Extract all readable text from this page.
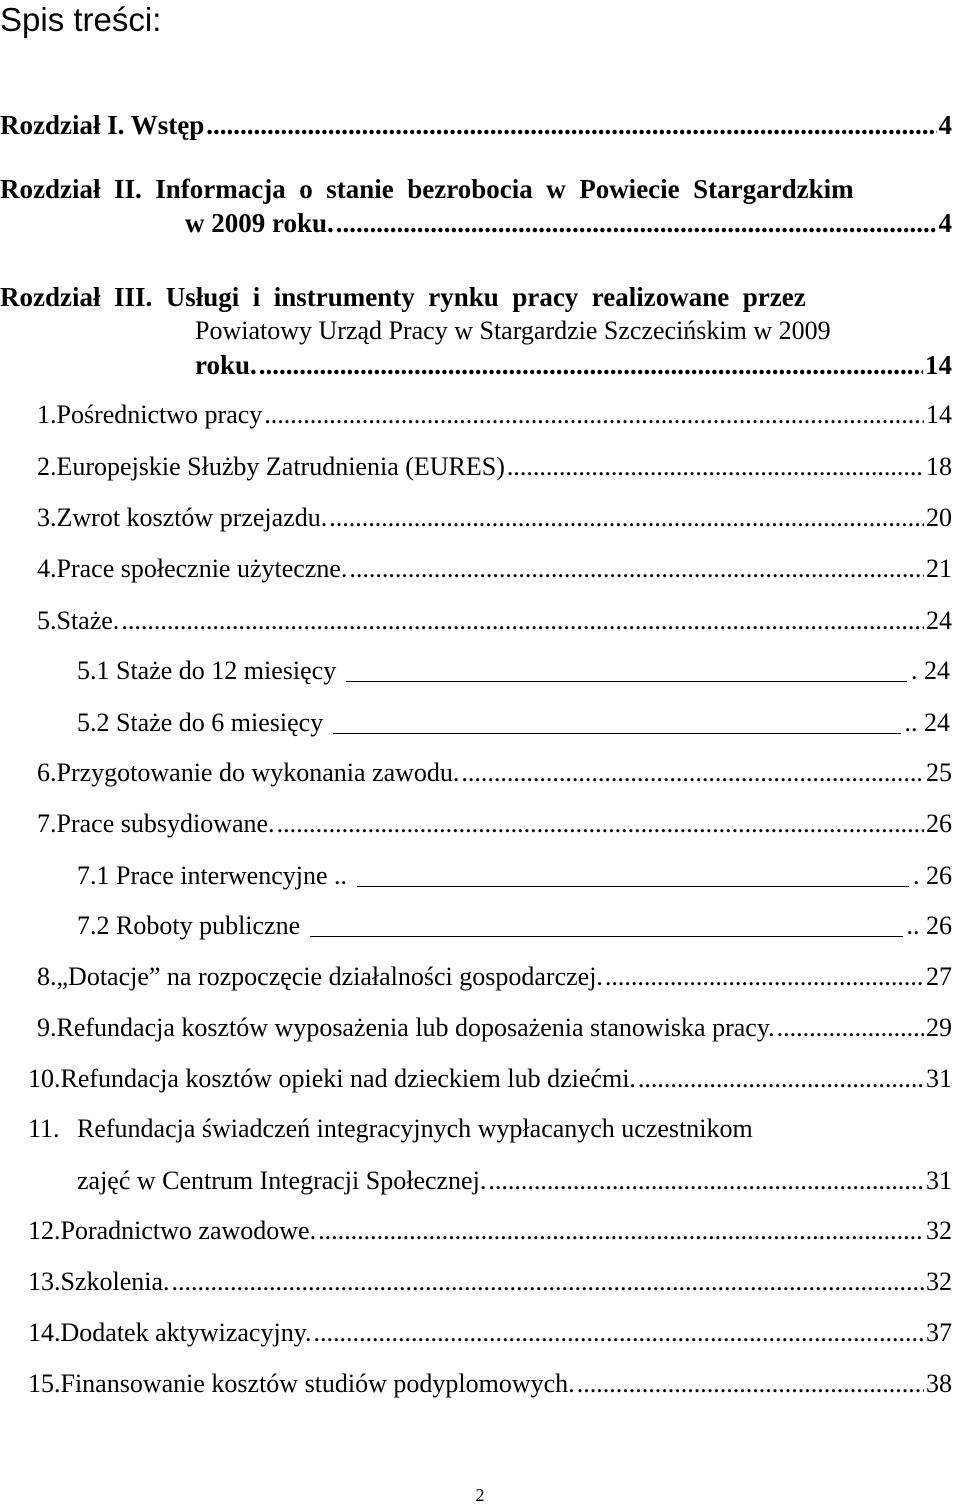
Spis treści:
Rozdział I. Wstęp .....	4
Rozdział  II.  Informacja  o  stanie  bezrobocia  w  Powiecie  Stargardzkim
w 2009 roku. .....	4
Rozdział  III.  Usługi  i  instrumenty  rynku  pracy  realizowane  przez
Powiatowy Urząd Pracy w Stargardzie Szczecińskim w 2009
roku. .....	14
1. Pośrednictwo pracy .....	14
2. Europejskie Służby Zatrudnienia (EURES) .....	18
3. Zwrot kosztów przejazdu. .....	20
4. Prace społecznie użyteczne. .....	21
5. Staże. .....	24
5.1 Staże do 12 miesięcy	. 24
5.2 Staże do 6 miesięcy	.. 24
6. Przygotowanie do wykonania zawodu. .....	25
7. Prace subsydiowane. .....	26
7.1 Prace interwencyjne ..	. 26
7.2 Roboty publiczne	.. 26
8. „Dotacje” na rozpoczęcie działalności gospodarczej. .....	27
9. Refundacja kosztów wyposażenia lub doposażenia stanowiska pracy. .....	29
10. Refundacja kosztów opieki nad dzieckiem lub dziećmi. .....	31
11. Refundacja świadczeń integracyjnych wypłacanych uczestnikom
zajęć w Centrum Integracji Społecznej. .....	31
12. Poradnictwo zawodowe. .....	32
13. Szkolenia. .....	32
14. Dodatek aktywizacyjny. .....	37
15. Finansowanie kosztów studiów podyplomowych. .....	38
2
